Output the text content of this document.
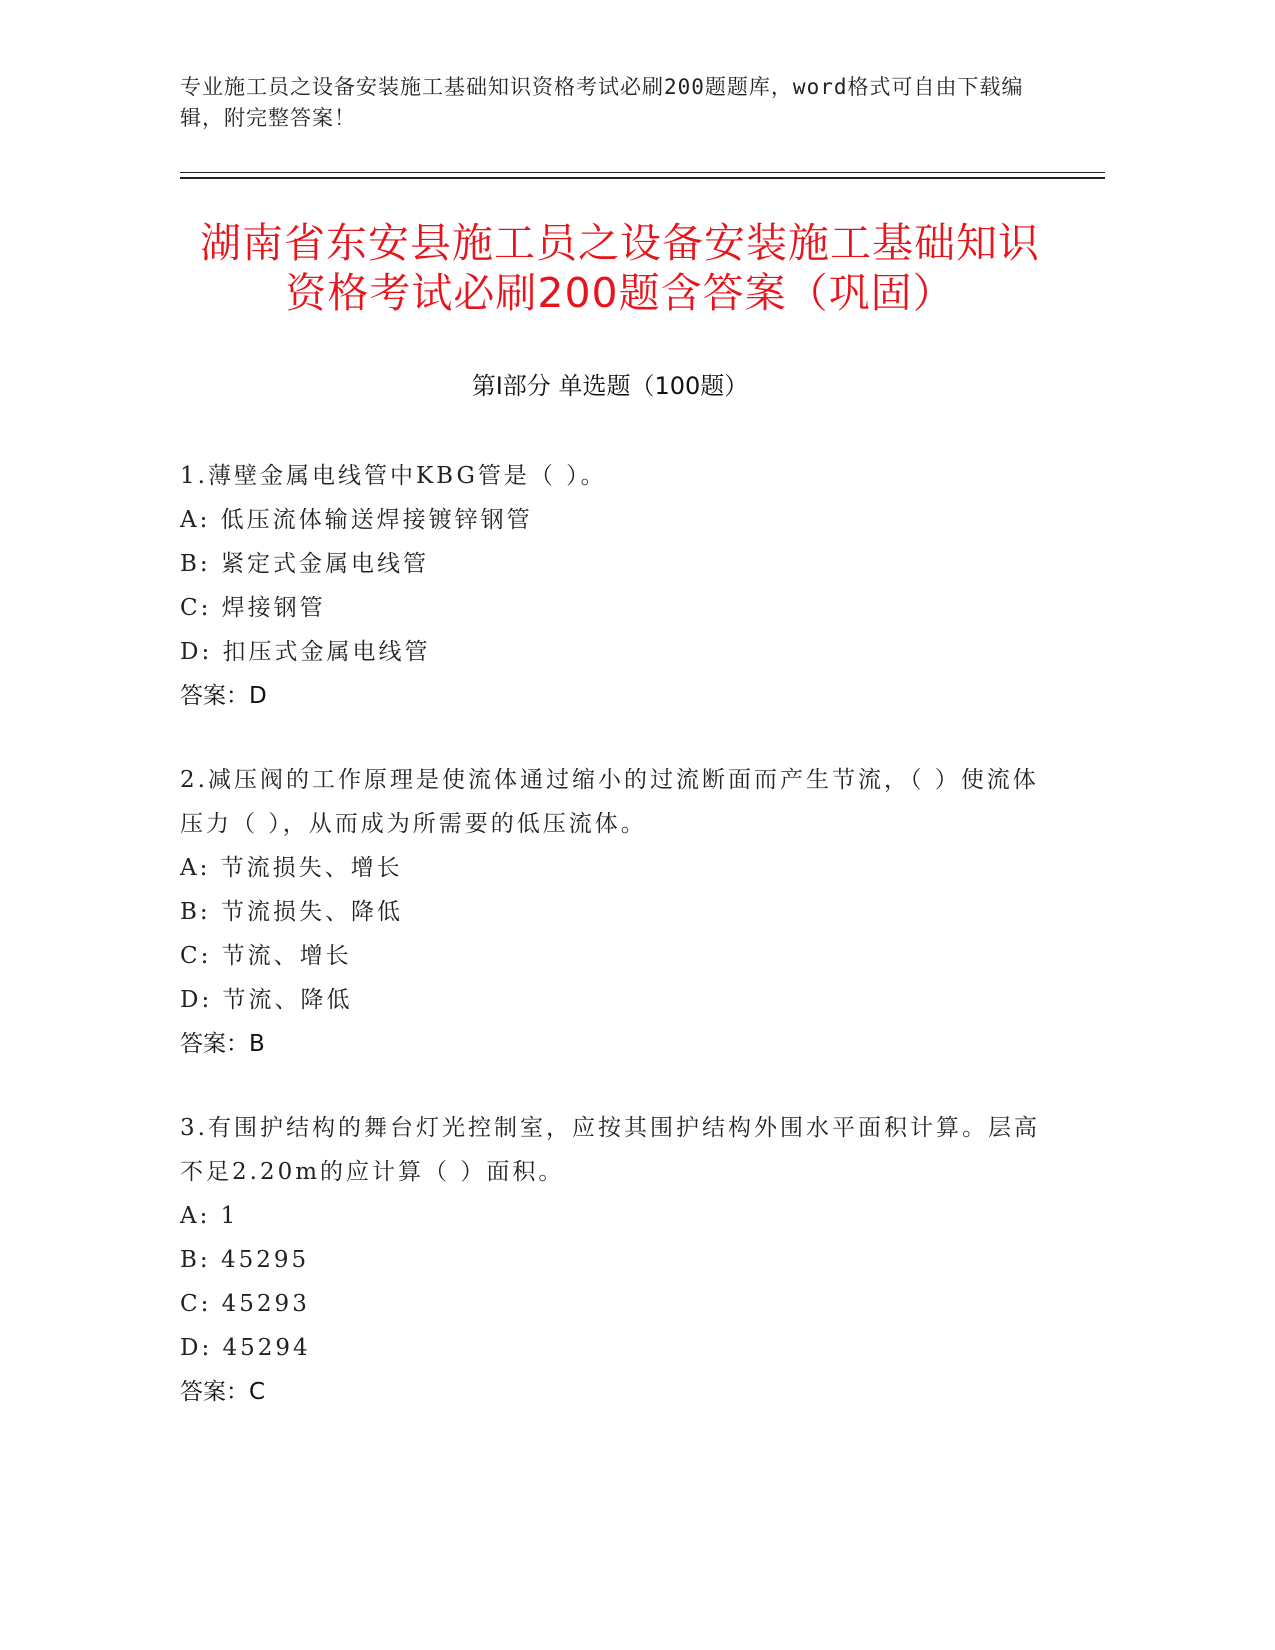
专业施工员之设备安装施工基础知识资格考试必刷200题题库，word格式可自由下载编辑，附完整答案！
湖南省东安县施工员之设备安装施工基础知识资格考试必刷200题含答案（巩固）
第Ⅰ部分 单选题（100题）

1.薄壁金属电线管中KBG管是（ ）。

A: 低压流体输送焊接镀锌钢管

B: 紧定式金属电线管

C: 焊接钢管

D: 扣压式金属电线管

答案：D

2.减压阀的工作原理是使流体通过缩小的过流断面而产生节流，（ ）使流体压力（ ），从而成为所需要的低压流体。

A: 节流损失、增长

B: 节流损失、降低

C: 节流、增长

D: 节流、降低

答案：B

3.有围护结构的舞台灯光控制室，应按其围护结构外围水平面积计算。层高不足2.20m的应计算（ ）面积。

A: 1

B: 45295

C: 45293

D: 45294

答案：C
